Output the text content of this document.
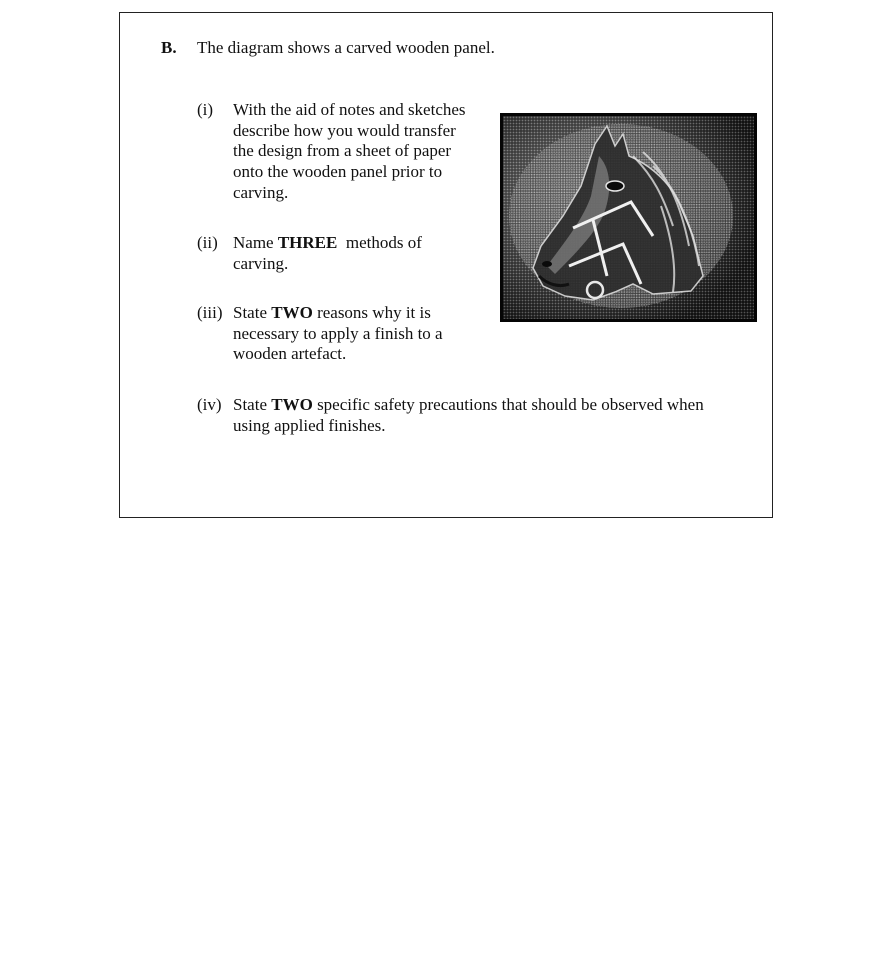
B. The diagram shows a carved wooden panel.
(i) With the aid of notes and sketches
describe how you would transfer
the design from a sheet of paper
onto the wooden panel prior to
carving.
(ii) Name THREE  methods of
carving.
(iii) State TWO reasons why it is
necessary to apply a finish to a
wooden artefact.
(iv) State TWO specific safety precautions that should be observed when
using applied finishes.
